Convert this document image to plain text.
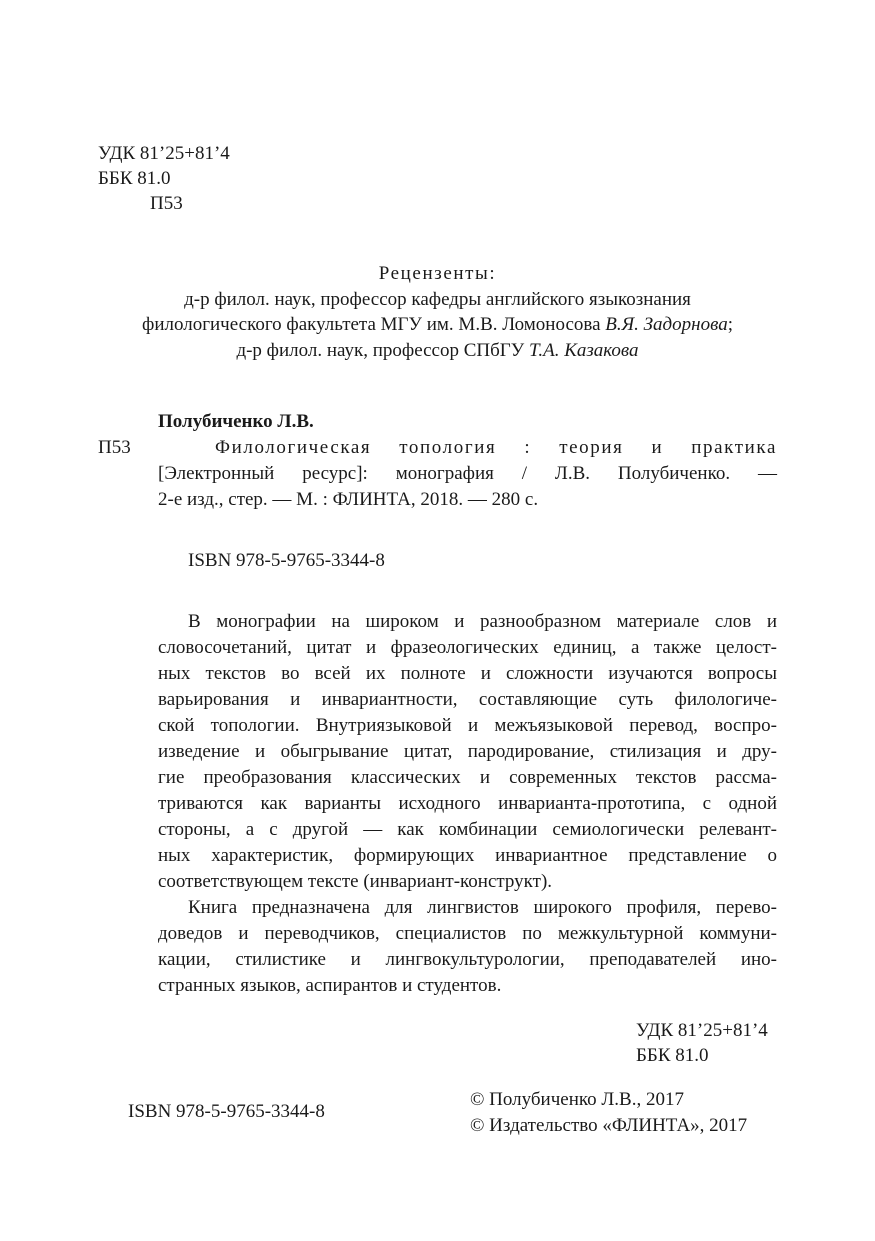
УДК 81’25+81’4
ББК 81.0
П53
Рецензенты:
д-р филол. наук, профессор кафедры английского языкознания
филологического факультета МГУ им. М.В. Ломоносова В.Я. Задорнова;
д-р филол. наук, профессор СПбГУ Т.А. Казакова
Полубиченко Л.В.
П53	Филологическая топология : теория и практика
[Электронный ресурс]: монография / Л.В. Полубиченко. —
2-е изд., стер. — М. : ФЛИНТА, 2018. — 280 с.
ISBN 978-5-9765-3344-8
В монографии на широком и разнообразном материале слов и
словосочетаний, цитат и фразеологических единиц, а также целост-
ных текстов во всей их полноте и сложности изучаются вопросы
варьирования и инвариантности, составляющие суть филологиче-
ской топологии. Внутриязыковой и межъязыковой перевод, воспро-
изведение и обыгрывание цитат, пародирование, стилизация и дру-
гие преобразования классических и современных текстов рассма-
триваются как варианты исходного инварианта-прототипа, с одной
стороны, а с другой — как комбинации семиологически релевант-
ных характеристик, формирующих инвариантное представление о
соответствующем тексте (инвариант-конструкт).
Книга предназначена для лингвистов широкого профиля, перево-
доведов и переводчиков, специалистов по межкультурной коммуни-
кации, стилистике и лингвокультурологии, преподавателей ино-
странных языков, аспирантов и студентов.
УДК 81’25+81’4
ББК 81.0
ISBN 978-5-9765-3344-8
© Полубиченко Л.В., 2017
© Издательство «ФЛИНТА», 2017
